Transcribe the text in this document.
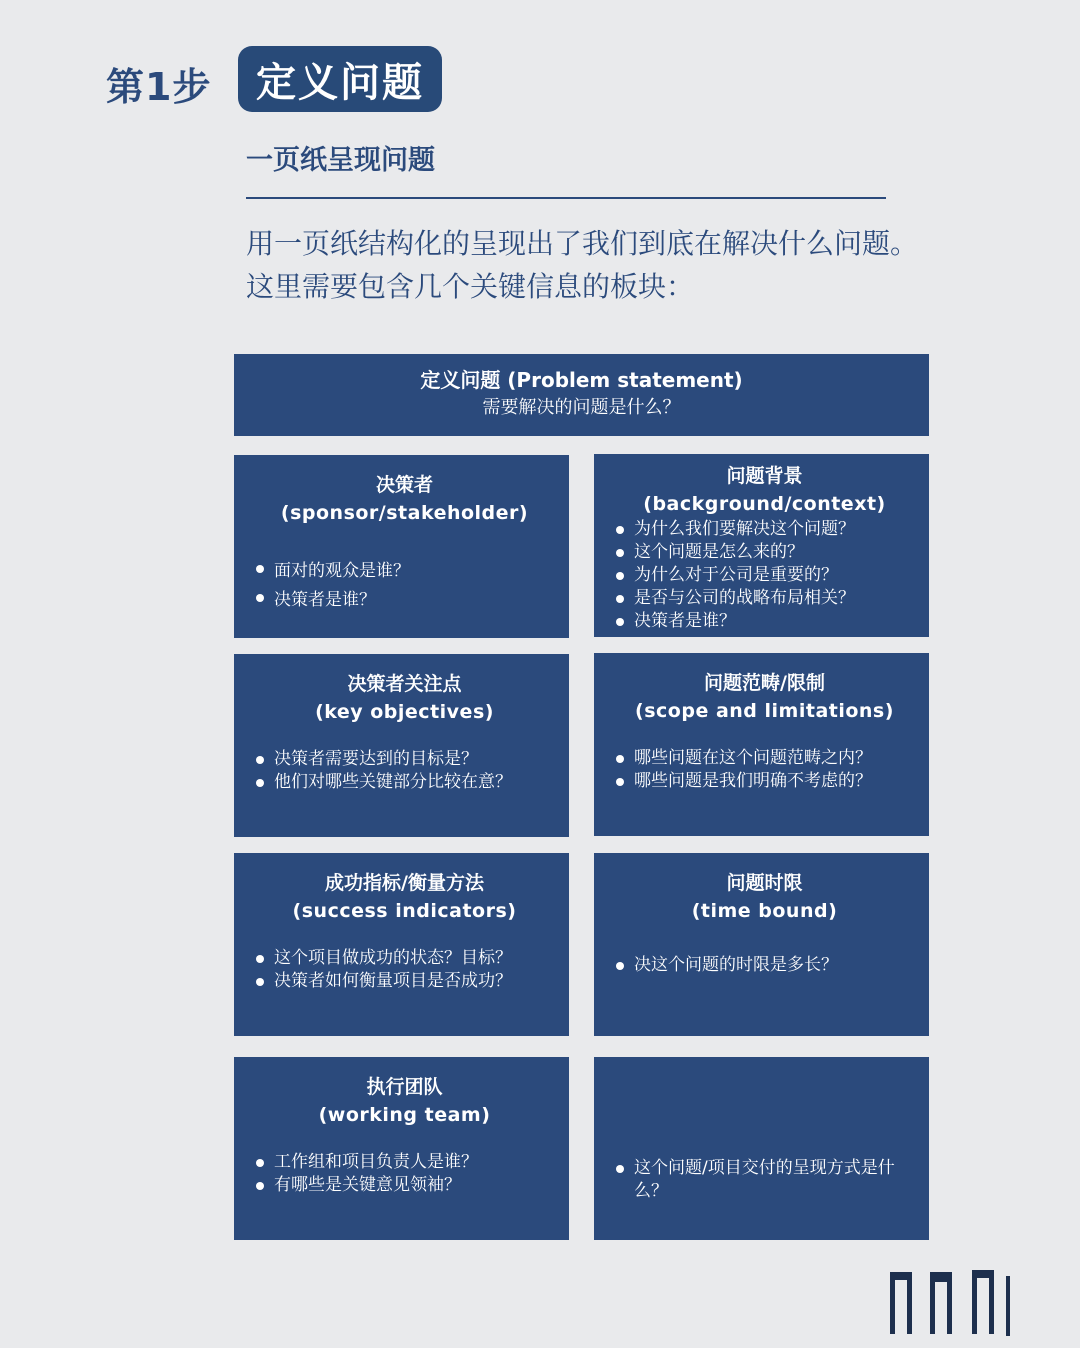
第1步	定义问题
一页纸呈现问题
用一页纸结构化的呈现出了我们到底在解决什么问题。这里需要包含几个关键信息的板块：
定义问题 (Problem statement)
需要解决的问题是什么？
决策者
(sponsor/stakeholder)
面对的观众是谁？
决策者是谁？
问题背景
(background/context)
为什么我们要解决这个问题？
这个问题是怎么来的？
为什么对于公司是重要的？
是否与公司的战略布局相关？
决策者是谁？
决策者关注点
(key objectives)
决策者需要达到的目标是？
他们对哪些关键部分比较在意？
问题范畴/限制
(scope and limitations)
哪些问题在这个问题范畴之内？
哪些问题是我们明确不考虑的？
成功指标/衡量方法
(success indicators)
这个项目做成功的状态？目标？
决策者如何衡量项目是否成功？
问题时限
(time bound)
决这个问题的时限是多长？
执行团队
(working team)
工作组和项目负责人是谁？
有哪些是关键意见领袖？
这个问题/项目交付的呈现方式是什么？
